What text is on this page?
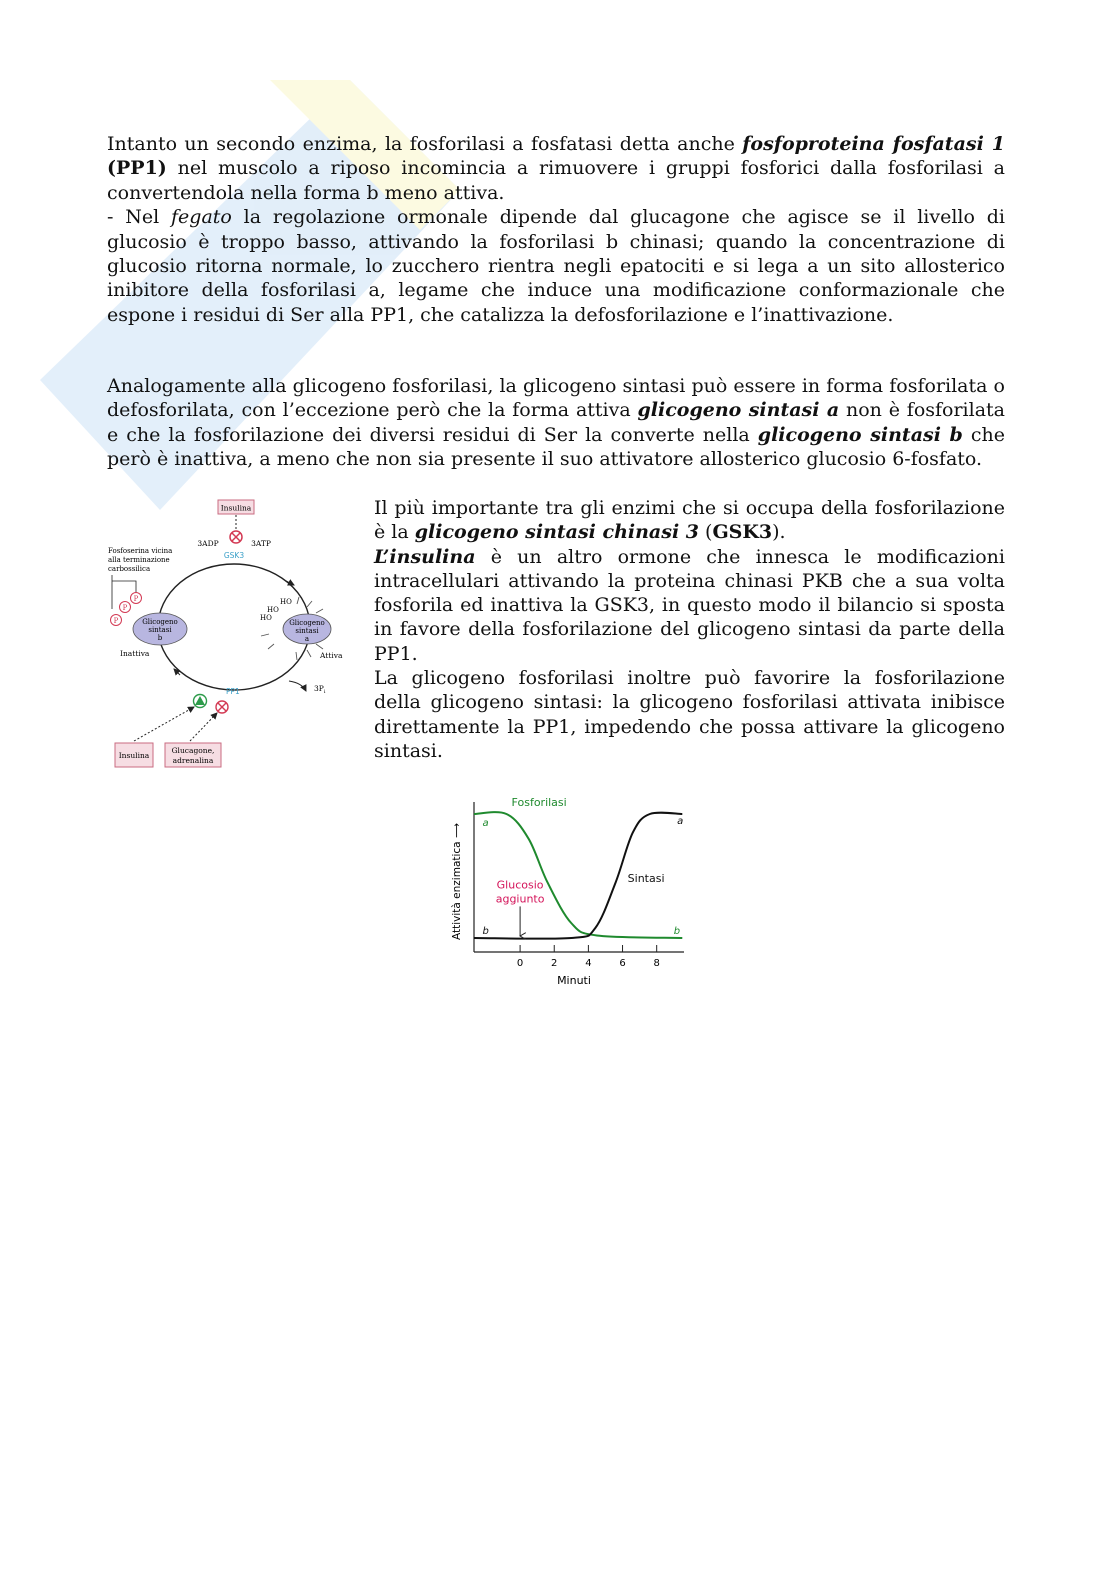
Intanto un secondo enzima, la fosforilasi a fosfatasi detta anche fosfoproteina fosfatasi 1 (PP1) nel muscolo a riposo incomincia a rimuovere i gruppi fosforici dalla fosforilasi a convertendola nella forma b meno attiva.

- Nel fegato la regolazione ormonale dipende dal glucagone che agisce se il livello di glucosio è troppo basso, attivando la fosforilasi b chinasi; quando la concentrazione di glucosio ritorna normale, lo zucchero rientra negli epatociti e si lega a un sito allosterico inibitore della fosforilasi a, legame che induce una modificazione conformazionale che espone i residui di Ser alla PP1, che catalizza la defosforilazione e l’inattivazione.

Analogamente alla glicogeno fosforilasi, la glicogeno sintasi può essere in forma fosforilata o defosforilata, con l’eccezione però che la forma attiva glicogeno sintasi a non è fosforilata e che la fosforilazione dei diversi residui di Ser la converte nella glicogeno sintasi b che però è inattiva, a meno che non sia presente il suo attivatore allosterico glucosio 6-fosfato.

Il più importante tra gli enzimi che si occupa della fosforilazione è la glicogeno sintasi chinasi 3 (GSK3).

L’insulina è un altro ormone che innesca le modificazioni intracellulari attivando la proteina chinasi PKB che a sua volta fosforila ed inattiva la GSK3, in questo modo il bilancio si sposta in favore della fosforilazione del glicogeno sintasi da parte della PP1.

La glicogeno fosforilasi inoltre può favorire la fosforilazione della glicogeno sintasi: la glicogeno fosforilasi attivata inibisce direttamente la PP1, impedendo che possa attivare la glicogeno sintasi.

Insulina
3ADP	3ATP
GSK3
Fosfoserina vicina
alla terminazione
carbossilica
Glicogeno
sintasi
b
P
P
P
Inattiva
Glicogeno
sintasi
a
HO
HO
HO
Attiva
PP1	$3P_i$
Insulina
Glucagone,
adrenalina
0	2	4	6	8
Minuti
Attività enzimatica ⟶
Fosforilasi
Sintasi
a
b
b
a
Glucosio
aggiunto
